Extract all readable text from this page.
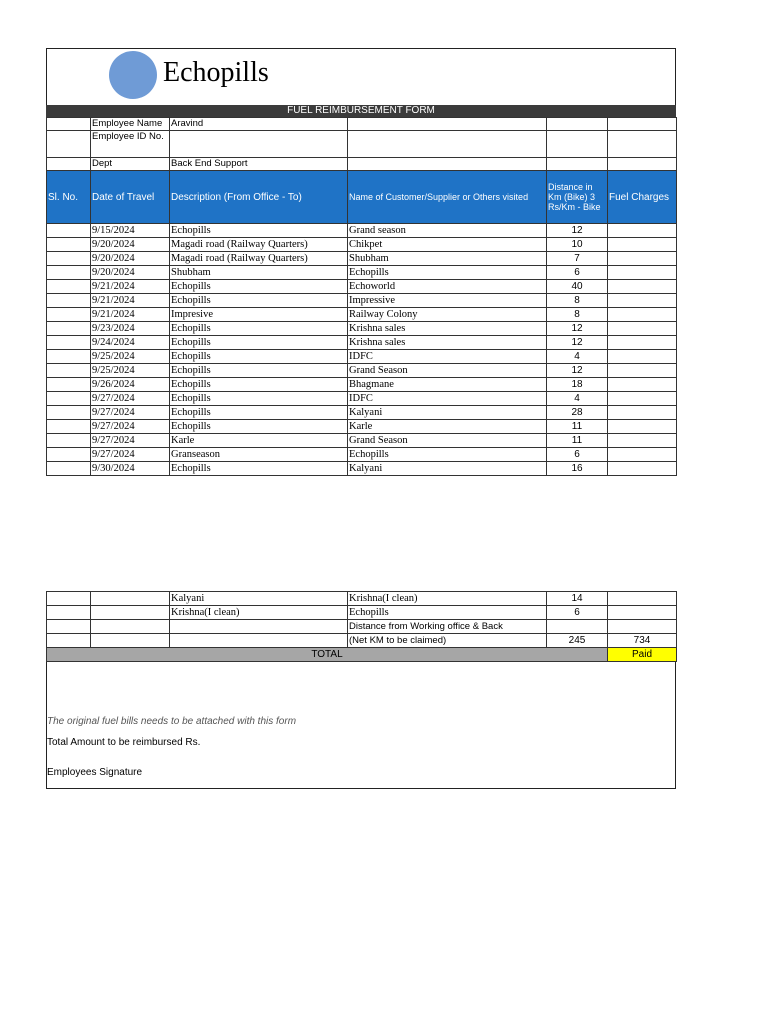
Echopills
FUEL REIMBURSEMENT FORM
	Employee Name	Aravind			
	Employee ID No.				
	Dept	Back End Support			
Sl. No.	Date of Travel	Description (From Office - To)	Name of Customer/Supplier or Others visited	Distance in Km (Bike) 3 Rs/Km - Bike	Fuel Charges
	9/15/2024	Echopills	Grand season	12	
	9/20/2024	Magadi road (Railway Quarters)	Chikpet	10	
	9/20/2024	Magadi road (Railway Quarters)	Shubham	7	
	9/20/2024	Shubham	Echopills	6	
	9/21/2024	Echopills	Echoworld	40	
	9/21/2024	Echopills	Impressive	8	
	9/21/2024	Impresive	Railway Colony	8	
	9/23/2024	Echopills	Krishna sales	12	
	9/24/2024	Echopills	Krishna sales	12	
	9/25/2024	Echopills	IDFC	4	
	9/25/2024	Echopills	Grand Season	12	
	9/26/2024	Echopills	Bhagmane	18	
	9/27/2024	Echopills	IDFC	4	
	9/27/2024	Echopills	Kalyani	28	
	9/27/2024	Echopills	Karle	11	
	9/27/2024	Karle	Grand Season	11	
	9/27/2024	Granseason	Echopills	6	
	9/30/2024	Echopills	Kalyani	16	
		Kalyani	Krishna(I clean)	14	
		Krishna(I clean)	Echopills	6	
			Distance from Working office & Back		
			(Net KM to be claimed)	245	734
TOTAL					Paid
The original fuel bills needs to be attached with this form
Total Amount to be reimbursed Rs.
Employees Signature
